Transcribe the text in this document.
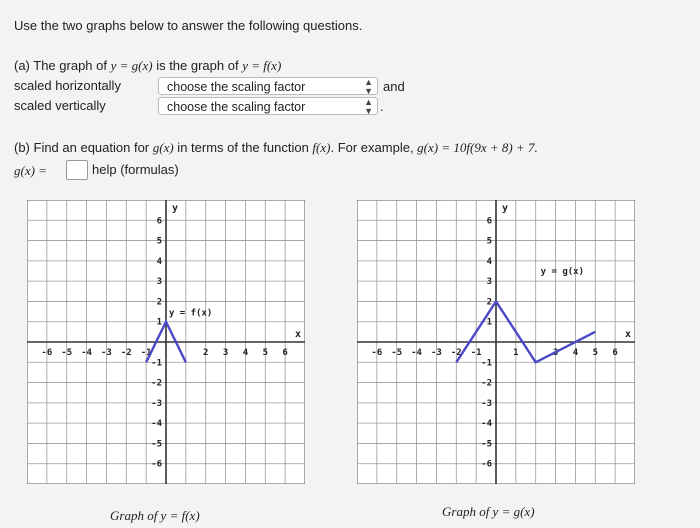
Use the two graphs below to answer the following questions.
(a) The graph of y = g(x) is the graph of y = f(x)
scaled horizontally	choose the scaling factor	▲
▼ and
scaled vertically	choose the scaling factor	▲
▼ .
(b) Find an equation for g(x) in terms of the function f(x). For example, g(x) = 10f(9x + 8) + 7.
g(x) =	help (formulas)
-6 -5 -4 -3 -2 -1	2 3 4 5 6
6
5
4
3
2
1
-1
-2
-3
-4
-5
-6
y
x
y = f(x)
Graph of y = f(x)
-6 -5 -4 -3 -2 -1	1	3 4 5 6
6
5
4
3
2
1
-1
-2
-3
-4
-5
-6
y
x
y = g(x)
Graph of y = g(x)
